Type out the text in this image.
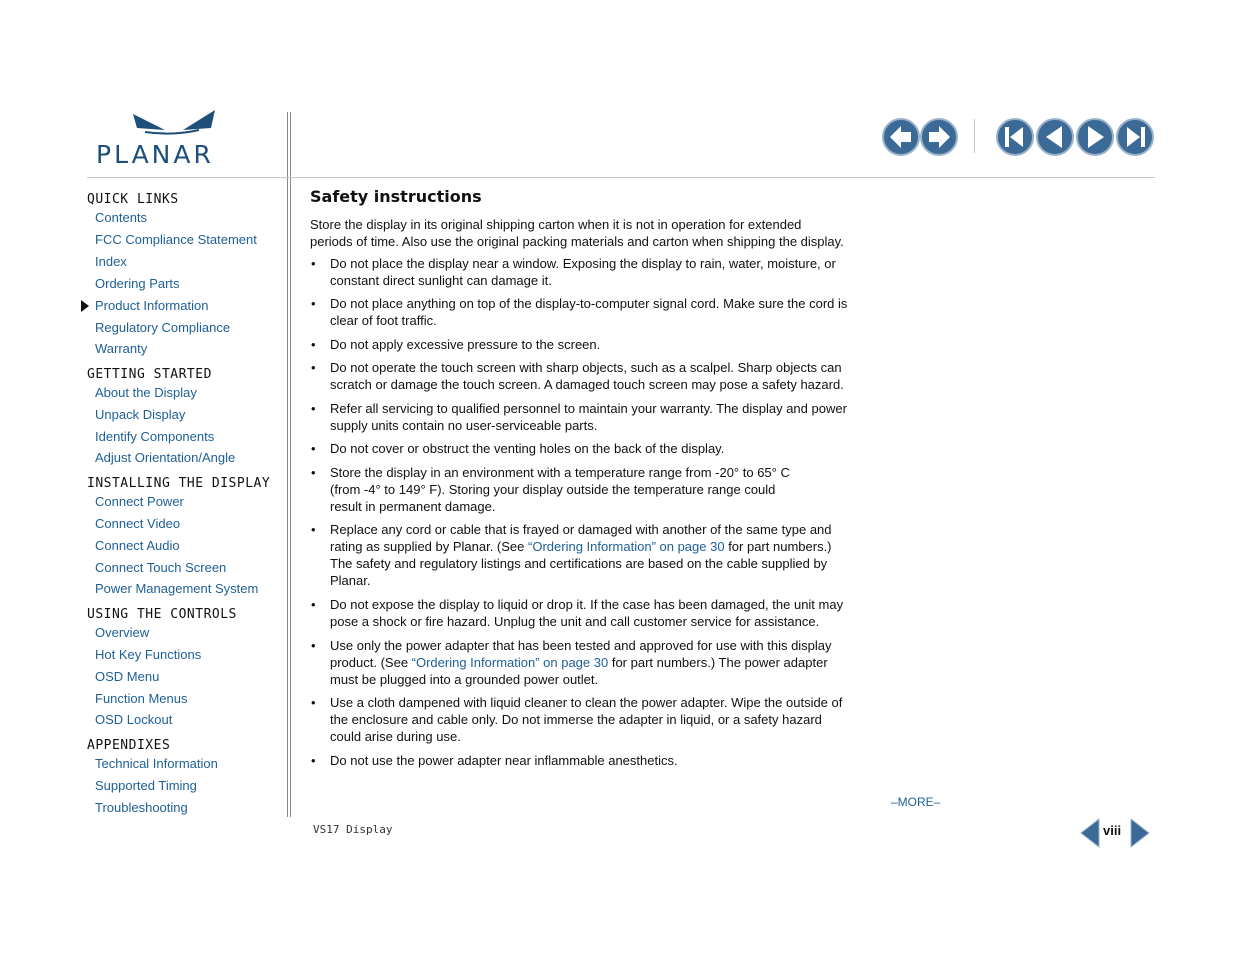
PLANAR
QUICK LINKS
Contents
FCC Compliance Statement
Index
Ordering Parts
Product Information
Regulatory Compliance
Warranty
GETTING STARTED
About the Display
Unpack Display
Identify Components
Adjust Orientation/Angle
INSTALLING THE DISPLAY
Connect Power
Connect Video
Connect Audio
Connect Touch Screen
Power Management System
USING THE CONTROLS
Overview
Hot Key Functions
OSD Menu
Function Menus
OSD Lockout
APPENDIXES
Technical Information
Supported Timing
Troubleshooting
Safety instructions
Store the display in its original shipping carton when it is not in operation for extended
periods of time. Also use the original packing materials and carton when shipping the display.
• Do not place the display near a window. Exposing the display to rain, water, moisture, or
constant direct sunlight can damage it.
• Do not place anything on top of the display-to-computer signal cord. Make sure the cord is
clear of foot traffic.
• Do not apply excessive pressure to the screen.
• Do not operate the touch screen with sharp objects, such as a scalpel. Sharp objects can
scratch or damage the touch screen. A damaged touch screen may pose a safety hazard.
• Refer all servicing to qualified personnel to maintain your warranty. The display and power
supply units contain no user-serviceable parts.
• Do not cover or obstruct the venting holes on the back of the display.
• Store the display in an environment with a temperature range from -20° to 65° C
(from -4° to 149° F). Storing your display outside the temperature range could
result in permanent damage.
• Replace any cord or cable that is frayed or damaged with another of the same type and
rating as supplied by Planar. (See “Ordering Information” on page 30 for part numbers.)
The safety and regulatory listings and certifications are based on the cable supplied by
Planar.
• Do not expose the display to liquid or drop it. If the case has been damaged, the unit may
pose a shock or fire hazard. Unplug the unit and call customer service for assistance.
• Use only the power adapter that has been tested and approved for use with this display
product. (See “Ordering Information” on page 30 for part numbers.) The power adapter
must be plugged into a grounded power outlet.
• Use a cloth dampened with liquid cleaner to clean the power adapter. Wipe the outside of
the enclosure and cable only. Do not immerse the adapter in liquid, or a safety hazard
could arise during use.
• Do not use the power adapter near inflammable anesthetics.
–MORE–
VS17 Display	viii
